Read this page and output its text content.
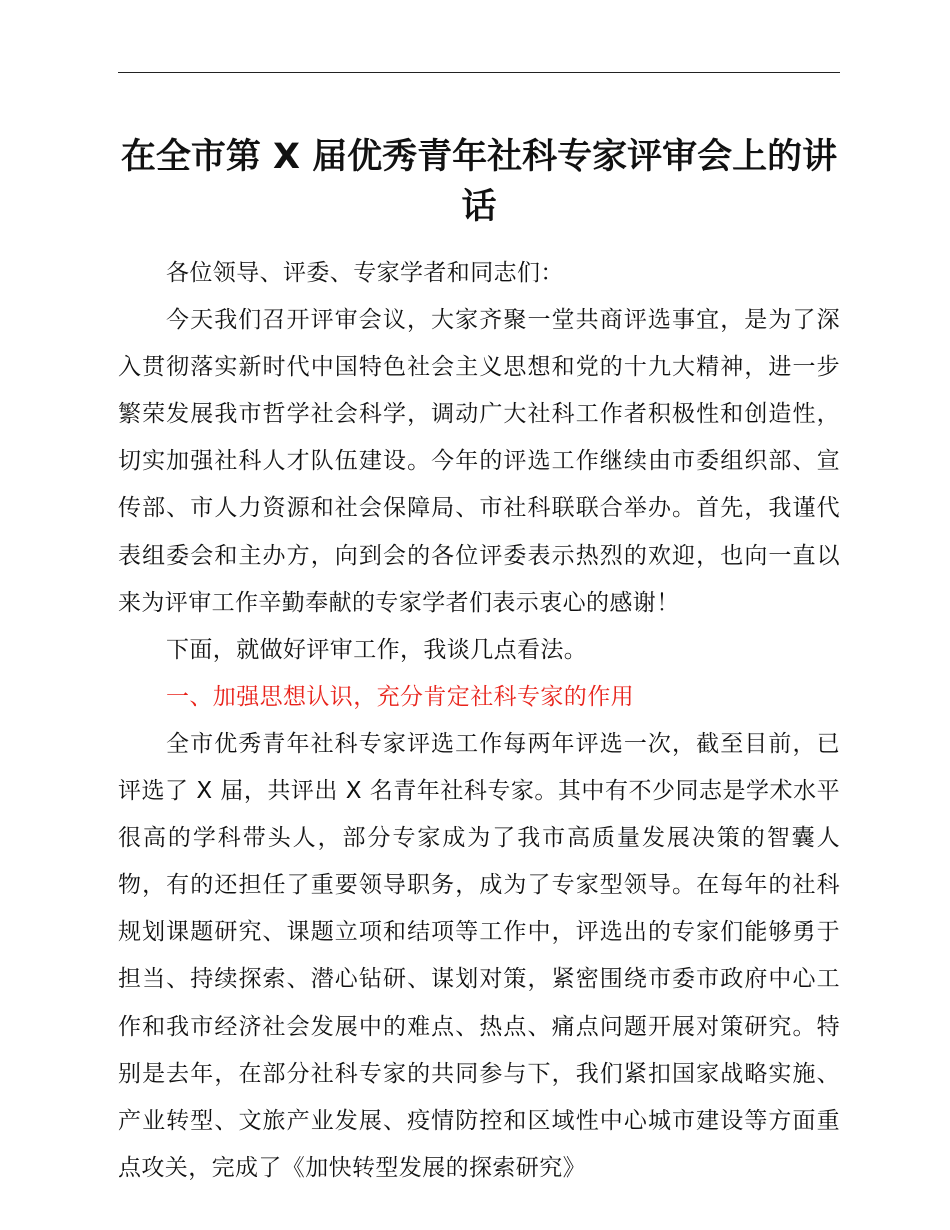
在全市第 X 届优秀青年社科专家评审会上的讲话

各位领导、评委、专家学者和同志们：

今天我们召开评审会议，大家齐聚一堂共商评选事宜，是为了深入贯彻落实新时代中国特色社会主义思想和党的十九大精神，进一步繁荣发展我市哲学社会科学，调动广大社科工作者积极性和创造性，切实加强社科人才队伍建设。今年的评选工作继续由市委组织部、宣传部、市人力资源和社会保障局、市社科联联合举办。首先，我谨代表组委会和主办方，向到会的各位评委表示热烈的欢迎，也向一直以来为评审工作辛勤奉献的专家学者们表示衷心的感谢！

下面，就做好评审工作，我谈几点看法。

一、加强思想认识，充分肯定社科专家的作用

全市优秀青年社科专家评选工作每两年评选一次，截至目前，已评选了 X 届，共评出 X 名青年社科专家。其中有不少同志是学术水平很高的学科带头人，部分专家成为了我市高质量发展决策的智囊人物，有的还担任了重要领导职务，成为了专家型领导。在每年的社科规划课题研究、课题立项和结项等工作中，评选出的专家们能够勇于担当、持续探索、潜心钻研、谋划对策，紧密围绕市委市政府中心工作和我市经济社会发展中的难点、热点、痛点问题开展对策研究。特别是去年，在部分社科专家的共同参与下，我们紧扣国家战略实施、产业转型、文旅产业发展、疫情防控和区域性中心城市建设等方面重点攻关，完成了《加快转型发展的探索研究》
